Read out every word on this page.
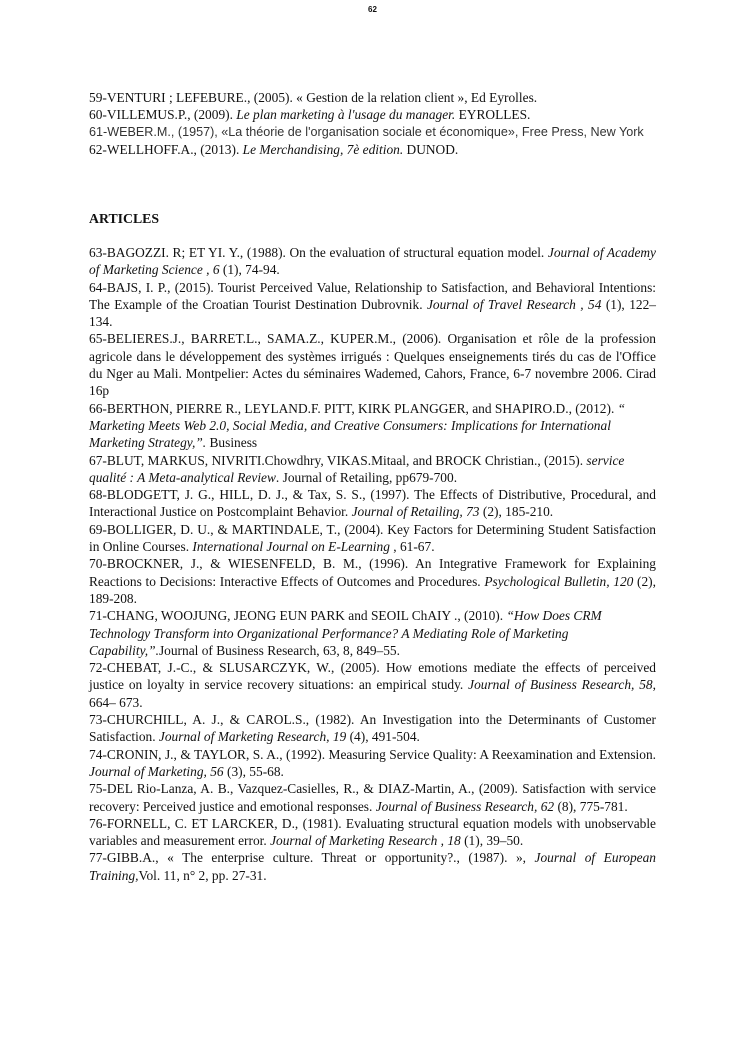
62

59-VENTURI ; LEFEBURE., (2005). « Gestion de la relation client », Ed Eyrolles.

60-VILLEMUS.P., (2009). Le plan marketing à l'usage du manager. EYROLLES.

61-WEBER.M., (1957), «La théorie de l'organisation sociale et économique», Free Press, New York

62-WELLHOFF.A., (2013). Le Merchandising, 7è edition. DUNOD.

ARTICLES

63-BAGOZZI. R; ET YI. Y., (1988). On the evaluation of structural equation model. Journal of Academy of Marketing Science , 6 (1), 74-94.

64-BAJS, I. P., (2015). Tourist Perceived Value, Relationship to Satisfaction, and Behavioral Intentions: The Example of the Croatian Tourist Destination Dubrovnik. Journal of Travel Research , 54 (1), 122–134.

65-BELIERES.J., BARRET.L., SAMA.Z., KUPER.M., (2006). Organisation et rôle de la profession agricole dans le développement des systèmes irrigués : Quelques enseignements tirés du cas de l'Office du Nger au Mali. Montpelier: Actes du séminaires Wademed, Cahors, France, 6-7 novembre 2006. Cirad 16p

66-BERTHON, PIERRE R., LEYLAND.F. PITT, KIRK PLANGGER, and SHAPIRO.D., (2012). “ Marketing Meets Web 2.0, Social Media, and Creative Consumers: Implications for International Marketing Strategy,”. Business

67-BLUT, MARKUS, NIVRITI.Chowdhry, VIKAS.Mitaal, and BROCK Christian., (2015). service qualité : A Meta-analytical Review. Journal of Retailing, pp679-700.

68-BLODGETT, J. G., HILL, D. J., & Tax, S. S., (1997). The Effects of Distributive, Procedural, and Interactional Justice on Postcomplaint Behavior. Journal of Retailing, 73 (2), 185-210.

69-BOLLIGER, D. U., & MARTINDALE, T., (2004). Key Factors for Determining Student Satisfaction in Online Courses. International Journal on E-Learning , 61-67.

70-BROCKNER, J., & WIESENFELD, B. M., (1996). An Integrative Framework for Explaining Reactions to Decisions: Interactive Effects of Outcomes and Procedures. Psychological Bulletin, 120 (2), 189-208.

71-CHANG, WOOJUNG, JEONG EUN PARK and SEOIL ChAIY ., (2010). “How Does CRM Technology Transform into Organizational Performance? A Mediating Role of Marketing Capability,”.Journal of Business Research, 63, 8, 849–55.

72-CHEBAT, J.-C., & SLUSARCZYK, W., (2005). How emotions mediate the effects of perceived justice on loyalty in service recovery situations: an empirical study. Journal of Business Research, 58, 664– 673.

73-CHURCHILL, A. J., & CAROL.S., (1982). An Investigation into the Determinants of Customer Satisfaction. Journal of Marketing Research, 19 (4), 491-504.

74-CRONIN, J., & TAYLOR, S. A., (1992). Measuring Service Quality: A Reexamination and Extension. Journal of Marketing, 56 (3), 55-68.

75-DEL Rio-Lanza, A. B., Vazquez-Casielles, R., & DIAZ-Martin, A., (2009). Satisfaction with service recovery: Perceived justice and emotional responses. Journal of Business Research, 62 (8), 775-781.

76-FORNELL, C. ET LARCKER, D., (1981). Evaluating structural equation models with unobservable variables and measurement error. Journal of Marketing Research , 18 (1), 39–50.

77-GIBB.A., « The enterprise culture. Threat or opportunity?., (1987). », Journal of European Training,Vol. 11, n° 2, pp. 27-31.
